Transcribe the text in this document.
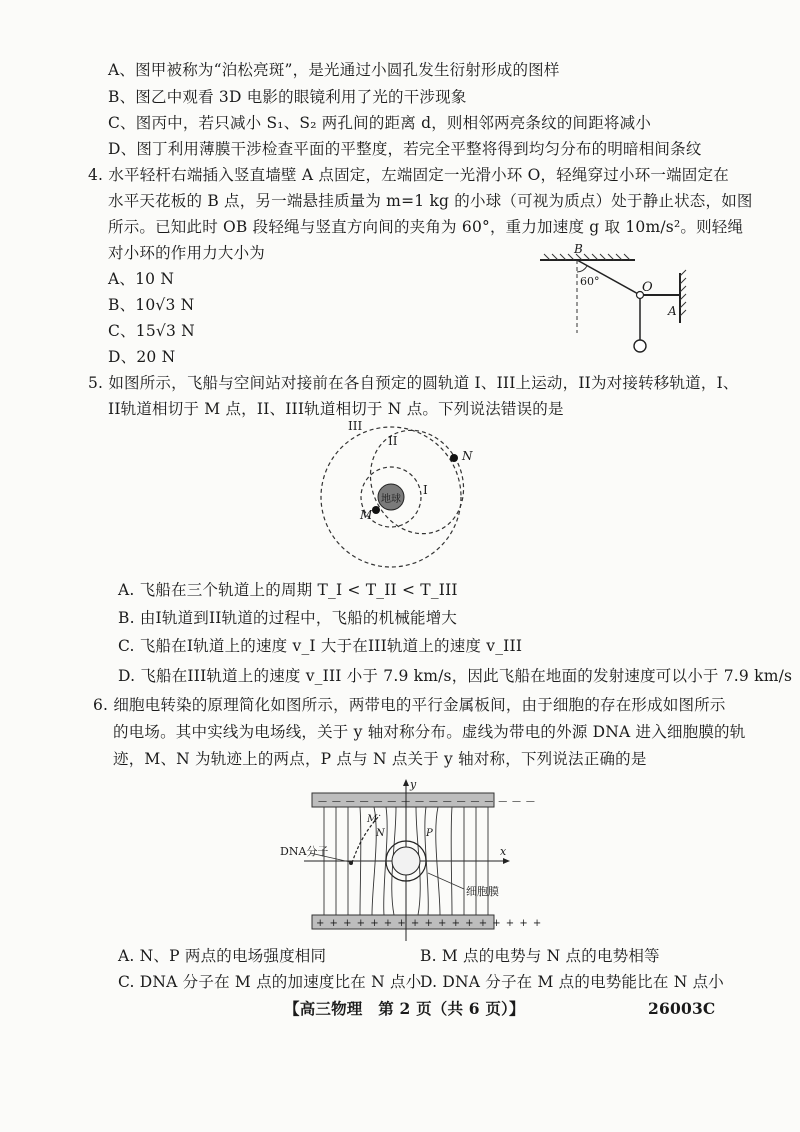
A、图甲被称为“泊松亮斑”，是光通过小圆孔发生衍射形成的图样
B、图乙中观看 3D 电影的眼镜利用了光的干涉现象
C、图丙中，若只减小 S₁、S₂ 两孔间的距离 d，则相邻两亮条纹的间距将减小
D、图丁利用薄膜干涉检查平面的平整度，若完全平整将得到均匀分布的明暗相间条纹
4. 水平轻杆右端插入竖直墙壁 A 点固定，左端固定一光滑小环 O，轻绳穿过小环一端固定在
水平天花板的 B 点，另一端悬挂质量为 m=1 kg 的小球（可视为质点）处于静止状态，如图
所示。已知此时 OB 段轻绳与竖直方向间的夹角为 60°，重力加速度 g 取 10m/s²。则轻绳
对小环的作用力大小为
A、10 N
B、10√3 N
C、15√3 N
D、20 N
B
60°	O
A
5. 如图所示，飞船与空间站对接前在各自预定的圆轨道 I、III上运动，II为对接转移轨道，I、
II轨道相切于 M 点，II、III轨道相切于 N 点。下列说法错误的是
地球
I
II
III
M
N
A. 飞船在三个轨道上的周期 T_I < T_II < T_III
B. 由I轨道到II轨道的过程中，飞船的机械能增大
C. 飞船在I轨道上的速度 v_I 大于在III轨道上的速度 v_III
D. 飞船在III轨道上的速度 v_III 小于 7.9 km/s，因此飞船在地面的发射速度可以小于 7.9 km/s
6. 细胞电转染的原理简化如图所示，两带电的平行金属板间，由于细胞的存在形成如图所示
的电场。其中实线为电场线，关于 y 轴对称分布。虚线为带电的外源 DNA 进入细胞膜的轨
迹，M、N 为轨迹上的两点，P 点与 N 点关于 y 轴对称，下列说法正确的是
— — — — — — — — — — — — — — — —
+ + + + + + + + + + + + + + + + +
M
N	P
y
x
DNA分子
细胞膜
A. N、P 两点的电场强度相同	B. M 点的电势与 N 点的电势相等
C. DNA 分子在 M 点的加速度比在 N 点小
D. DNA 分子在 M 点的电势能比在 N 点小
【高三物理　第 2 页（共 6 页）】	26003C
